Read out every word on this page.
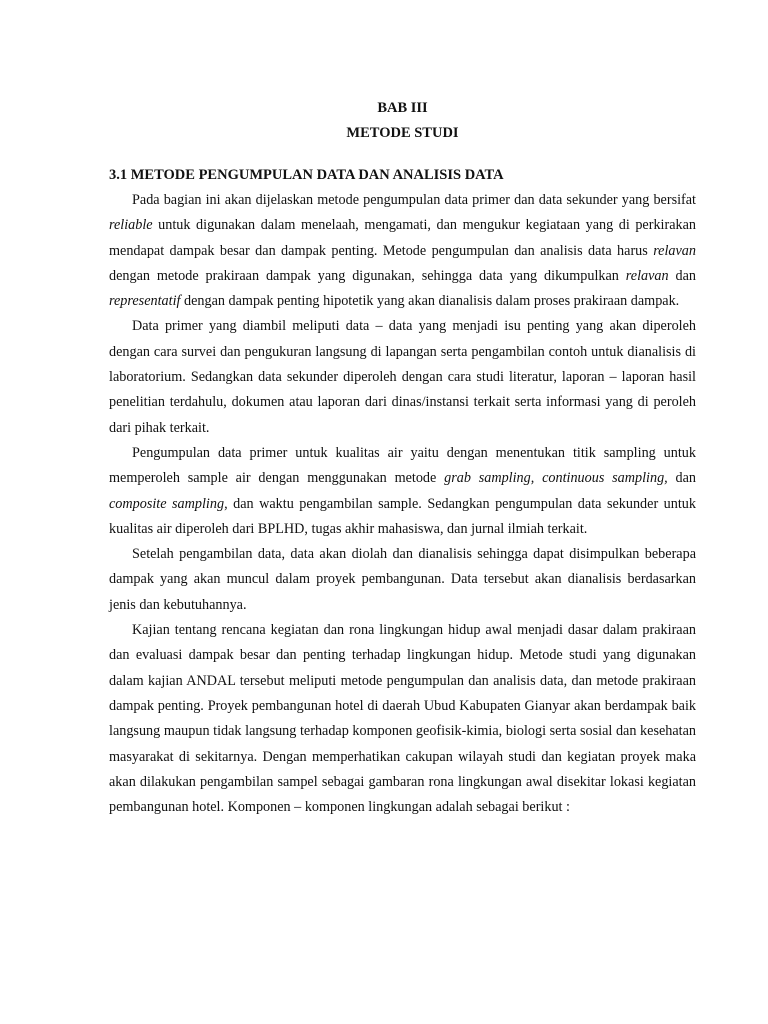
BAB III

METODE STUDI

3.1 METODE PENGUMPULAN DATA DAN ANALISIS DATA

Pada bagian ini akan dijelaskan metode pengumpulan data primer dan data sekunder yang bersifat reliable untuk digunakan dalam menelaah, mengamati, dan mengukur kegiataan yang di perkirakan mendapat dampak besar dan dampak penting. Metode pengumpulan dan analisis data harus relavan dengan metode prakiraan dampak yang digunakan, sehingga data yang dikumpulkan relavan dan representatif dengan dampak penting hipotetik yang akan dianalisis dalam proses prakiraan dampak.

Data primer yang diambil meliputi data – data yang menjadi isu penting yang akan diperoleh dengan cara survei dan pengukuran langsung di lapangan serta pengambilan contoh untuk dianalisis di laboratorium. Sedangkan data sekunder diperoleh dengan cara studi literatur, laporan – laporan hasil penelitian terdahulu, dokumen atau laporan dari dinas/instansi terkait serta informasi yang di peroleh dari pihak terkait.

Pengumpulan data primer untuk kualitas air yaitu dengan menentukan titik sampling untuk memperoleh sample air dengan menggunakan metode grab sampling, continuous sampling, dan composite sampling, dan waktu pengambilan sample. Sedangkan pengumpulan data sekunder untuk kualitas air diperoleh dari BPLHD, tugas akhir mahasiswa, dan jurnal ilmiah terkait.

Setelah pengambilan data, data akan diolah dan dianalisis sehingga dapat disimpulkan beberapa dampak yang akan muncul dalam proyek pembangunan. Data tersebut akan dianalisis berdasarkan jenis dan kebutuhannya.

Kajian tentang rencana kegiatan dan rona lingkungan hidup awal menjadi dasar dalam prakiraan dan evaluasi dampak besar dan penting terhadap lingkungan hidup. Metode studi yang digunakan dalam kajian ANDAL tersebut meliputi metode pengumpulan dan analisis data, dan metode prakiraan dampak penting. Proyek pembangunan hotel di daerah Ubud Kabupaten Gianyar akan berdampak baik langsung maupun tidak langsung terhadap komponen geofisik-kimia, biologi serta sosial dan kesehatan masyarakat di sekitarnya. Dengan memperhatikan cakupan wilayah studi dan kegiatan proyek maka akan dilakukan pengambilan sampel sebagai gambaran rona lingkungan awal disekitar lokasi kegiatan pembangunan hotel. Komponen – komponen lingkungan adalah sebagai berikut :
